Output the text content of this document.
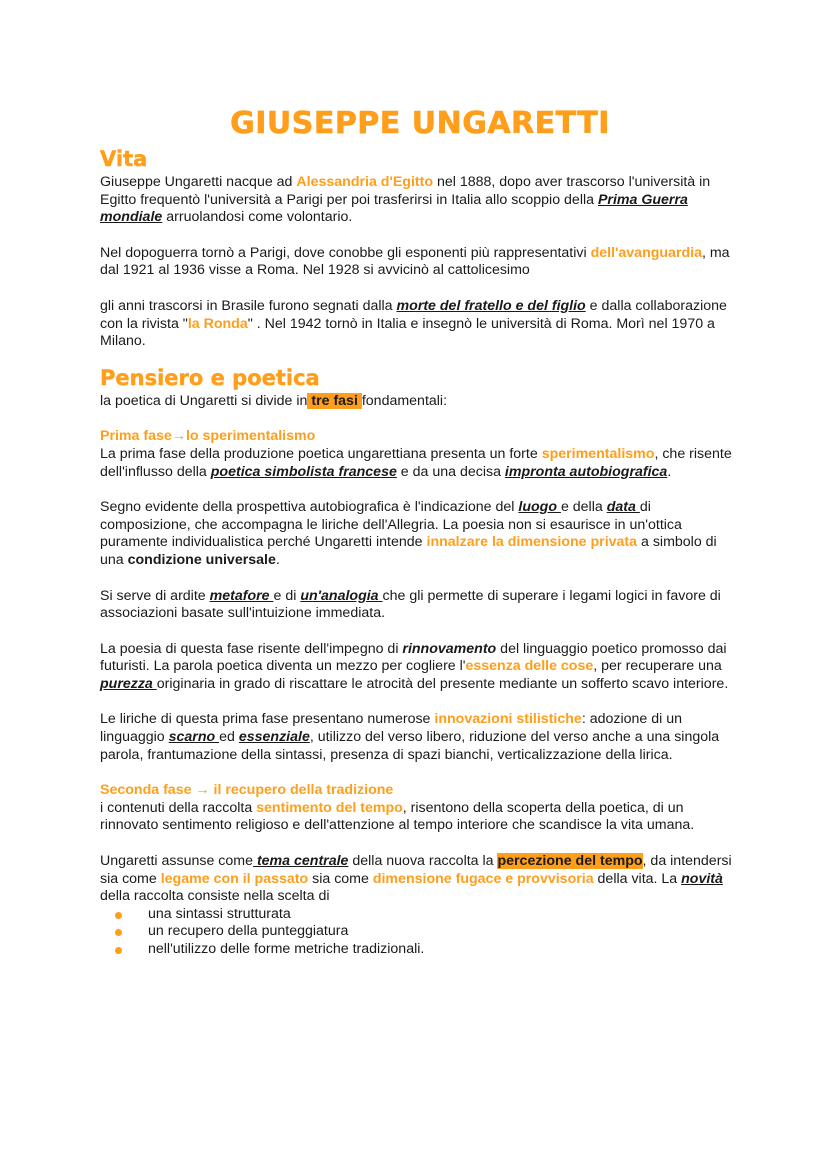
GIUSEPPE UNGARETTI
Vita

Giuseppe Ungaretti nacque ad Alessandria d'Egitto nel 1888, dopo aver trascorso l'università in Egitto frequentò l'università a Parigi per poi trasferirsi in Italia allo scoppio della Prima Guerra mondiale arruolandosi come volontario.

Nel dopoguerra tornò a Parigi, dove conobbe gli esponenti più rappresentativi dell'avanguardia, ma dal 1921 al 1936 visse a Roma. Nel 1928 si avvicinò al cattolicesimo

gli anni trascorsi in Brasile furono segnati dalla morte del fratello e del figlio e dalla collaborazione con la rivista "la Ronda" . Nel 1942 tornò in Italia e insegnò le università di Roma. Morì nel 1970 a Milano.

Pensiero e poetica

la poetica di Ungaretti si divide in tre fasi fondamentali:

Prima fase→lo sperimentalismo

La prima fase della produzione poetica ungarettiana presenta un forte sperimentalismo, che risente dell'influsso della poetica simbolista francese e da una decisa impronta autobiografica.

Segno evidente della prospettiva autobiografica è l'indicazione del luogo e della data di composizione, che accompagna le liriche dell'Allegria. La poesia non si esaurisce in un'ottica puramente individualistica perché Ungaretti intende innalzare la dimensione privata a simbolo di una condizione universale.

Si serve di ardite metafore e di un'analogia che gli permette di superare i legami logici in favore di associazioni basate sull'intuizione immediata.

La poesia di questa fase risente dell'impegno di rinnovamento del linguaggio poetico promosso dai futuristi. La parola poetica diventa un mezzo per cogliere l'essenza delle cose, per recuperare una purezza originaria in grado di riscattare le atrocità del presente mediante un sofferto scavo interiore.

Le liriche di questa prima fase presentano numerose innovazioni stilistiche: adozione di un linguaggio scarno ed essenziale, utilizzo del verso libero, riduzione del verso anche a una singola parola, frantumazione della sintassi, presenza di spazi bianchi, verticalizzazione della lirica.

Seconda fase → il recupero della tradizione

i contenuti della raccolta sentimento del tempo, risentono della scoperta della poetica, di un rinnovato sentimento religioso e dell'attenzione al tempo interiore che scandisce la vita umana.

Ungaretti assunse come tema centrale della nuova raccolta la percezione del tempo, da intendersi sia come legame con il passato sia come dimensione fugace e provvisoria della vita. La novità della raccolta consiste nella scelta di

una sintassi strutturata
un recupero della punteggiatura
nell'utilizzo delle forme metriche tradizionali.
